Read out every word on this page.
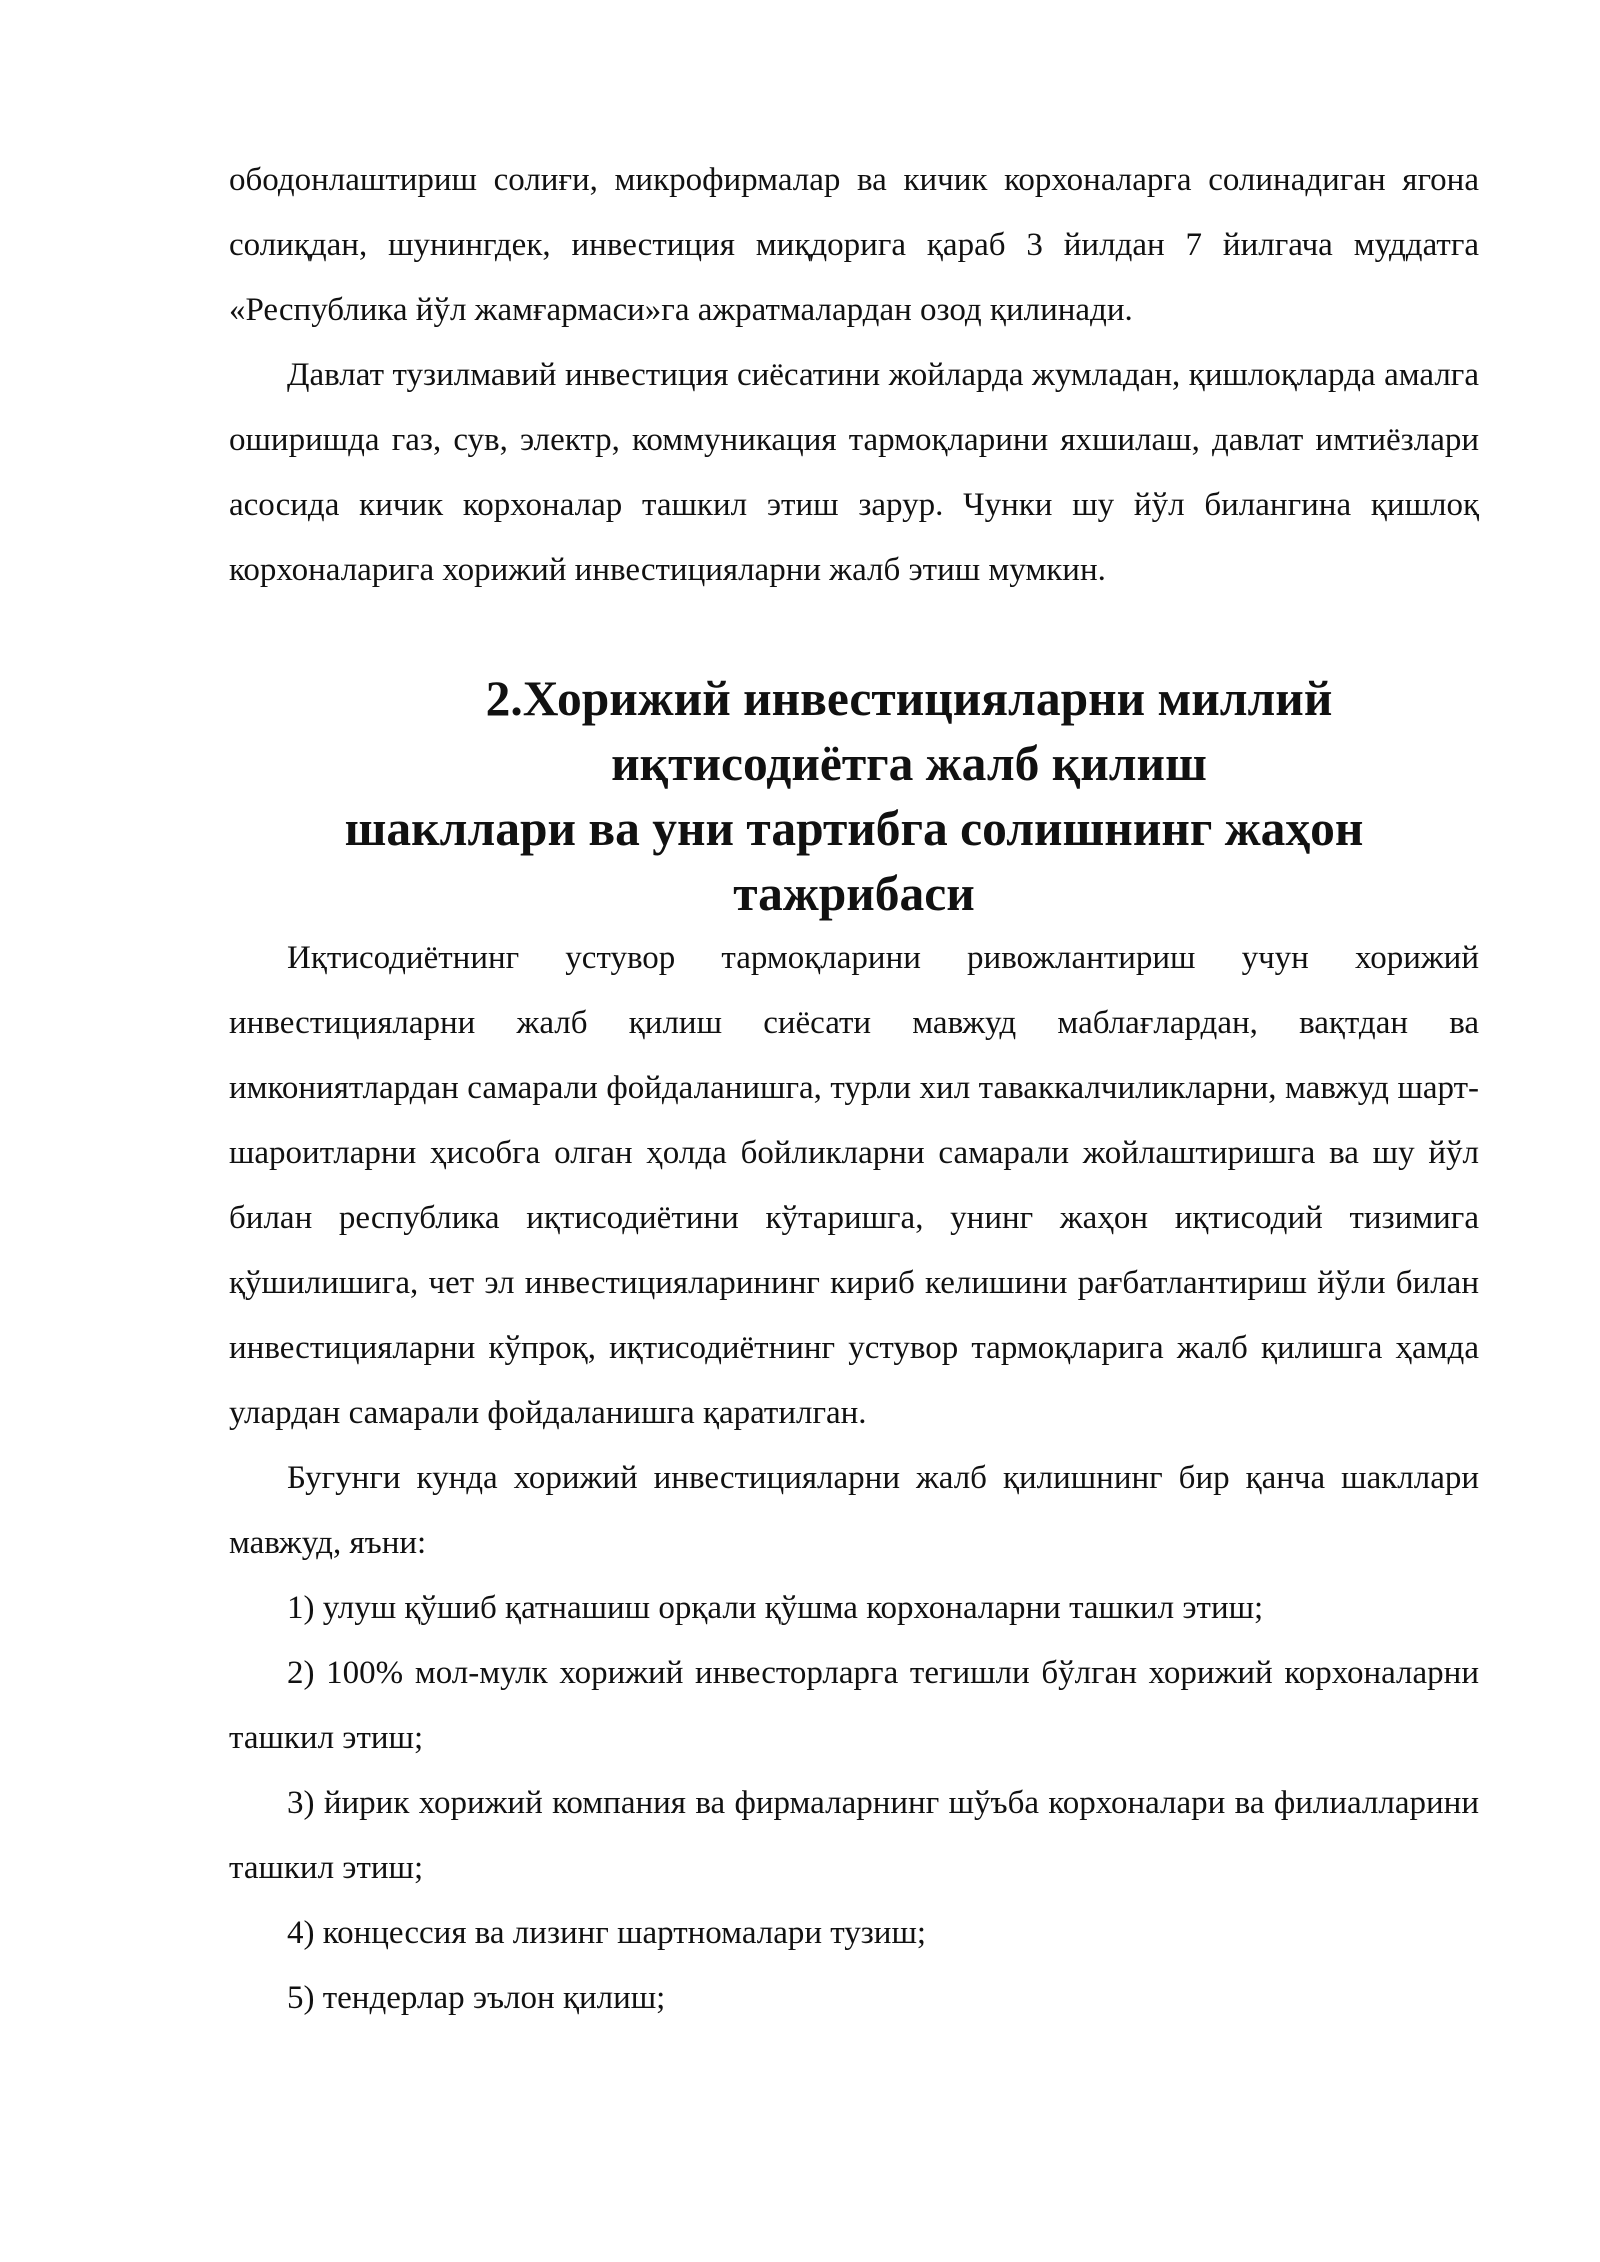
ободонлаштириш солиғи, микрофирмалар ва кичик корхоналарга солинадиган ягона солиқдан, шунингдек, инвестиция миқдорига қараб 3 йилдан 7 йилгача муддатга «Республика йўл жамғармаси»га ажратмалардан озод қилинади.

Давлат тузилмавий инвестиция сиёсатини жойларда жумладан, қишлоқларда амалга оширишда газ, сув, электр, коммуникация тармоқларини яхшилаш, давлат имтиёзлари асосида кичик корхоналар ташкил этиш зарур. Чунки шу йўл билангина қишлоқ корхоналарига хорижий инвестицияларни жалб этиш мумкин.

2.Хорижий инвестицияларни миллий иқтисодиётга жалб қилиш
шакллари ва уни тартибга солишнинг жаҳон тажрибаси

Иқтисодиётнинг устувор тармоқларини ривожлантириш учун хорижий инвестицияларни жалб қилиш сиёсати мавжуд маблағлардан, вақтдан ва имкониятлардан самарали фойдаланишга, турли хил таваккалчиликларни, мавжуд шарт-шароитларни ҳисобга олган ҳолда бойликларни самарали жойлаштиришга ва шу йўл билан республика иқтисодиётини кўтаришга, унинг жаҳон иқтисодий тизимига қўшилишига, чет эл инвестицияларининг кириб келишини рағбатлантириш йўли билан инвестицияларни кўпроқ, иқтисодиётнинг устувор тармоқларига жалб қилишга ҳамда улардан самарали фойдаланишга қаратилган.

Бугунги кунда хорижий инвестицияларни жалб қилишнинг бир қанча шакллари мавжуд, яъни:

1) улуш қўшиб қатнашиш орқали қўшма корхоналарни ташкил этиш;

2) 100% мол-мулк хорижий инвесторларга тегишли бўлган хорижий корхоналарни ташкил этиш;

3) йирик хорижий компания ва фирмаларнинг шўъба корхоналари ва филиалларини ташкил этиш;

4) концессия ва лизинг шартномалари тузиш;

5) тендерлар эълон қилиш;
